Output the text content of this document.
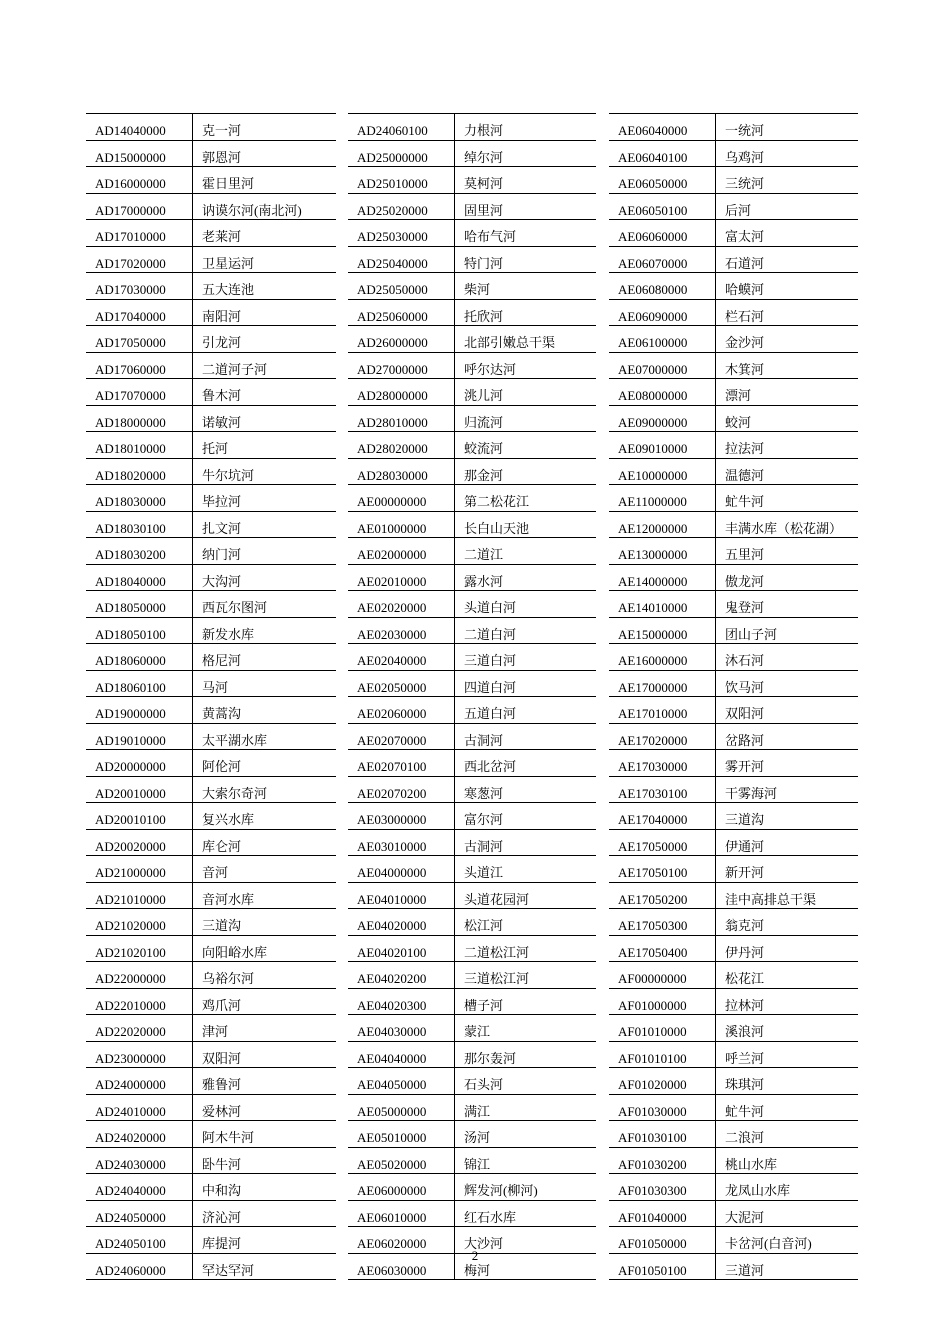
AD14040000	克一河
AD15000000	郭恩河
AD16000000	霍日里河
AD17000000	讷谟尔河(南北河)
AD17010000	老莱河
AD17020000	卫星运河
AD17030000	五大连池
AD17040000	南阳河
AD17050000	引龙河
AD17060000	二道河子河
AD17070000	鲁木河
AD18000000	诺敏河
AD18010000	托河
AD18020000	牛尔坑河
AD18030000	毕拉河
AD18030100	扎文河
AD18030200	纳门河
AD18040000	大沟河
AD18050000	西瓦尔图河
AD18050100	新发水库
AD18060000	格尼河
AD18060100	马河
AD19000000	黄蒿沟
AD19010000	太平湖水库
AD20000000	阿伦河
AD20010000	大索尔奇河
AD20010100	复兴水库
AD20020000	库仑河
AD21000000	音河
AD21010000	音河水库
AD21020000	三道沟
AD21020100	向阳峪水库
AD22000000	乌裕尔河
AD22010000	鸡爪河
AD22020000	津河
AD23000000	双阳河
AD24000000	雅鲁河
AD24010000	爱林河
AD24020000	阿木牛河
AD24030000	卧牛河
AD24040000	中和沟
AD24050000	济沁河
AD24050100	库提河
AD24060000	罕达罕河
AD24060100	力根河
AD25000000	绰尔河
AD25010000	莫柯河
AD25020000	固里河
AD25030000	哈布气河
AD25040000	特门河
AD25050000	柴河
AD25060000	托欣河
AD26000000	北部引嫩总干渠
AD27000000	呼尔达河
AD28000000	洮儿河
AD28010000	归流河
AD28020000	蛟流河
AD28030000	那金河
AE00000000	第二松花江
AE01000000	长白山天池
AE02000000	二道江
AE02010000	露水河
AE02020000	头道白河
AE02030000	二道白河
AE02040000	三道白河
AE02050000	四道白河
AE02060000	五道白河
AE02070000	古洞河
AE02070100	西北岔河
AE02070200	寒葱河
AE03000000	富尔河
AE03010000	古洞河
AE04000000	头道江
AE04010000	头道花园河
AE04020000	松江河
AE04020100	二道松江河
AE04020200	三道松江河
AE04020300	槽子河
AE04030000	蒙江
AE04040000	那尔轰河
AE04050000	石头河
AE05000000	满江
AE05010000	汤河
AE05020000	锦江
AE06000000	辉发河(柳河)
AE06010000	红石水库
AE06020000	大沙河
AE06030000	梅河
AE06040000	一统河
AE06040100	乌鸡河
AE06050000	三统河
AE06050100	后河
AE06060000	富太河
AE06070000	石道河
AE06080000	哈蟆河
AE06090000	栏石河
AE06100000	金沙河
AE07000000	木箕河
AE08000000	漂河
AE09000000	蛟河
AE09010000	拉法河
AE10000000	温德河
AE11000000	虻牛河
AE12000000	丰满水库（松花湖）
AE13000000	五里河
AE14000000	傲龙河
AE14010000	鬼登河
AE15000000	团山子河
AE16000000	沐石河
AE17000000	饮马河
AE17010000	双阳河
AE17020000	岔路河
AE17030000	雾开河
AE17030100	干雾海河
AE17040000	三道沟
AE17050000	伊通河
AE17050100	新开河
AE17050200	洼中高排总干渠
AE17050300	翁克河
AE17050400	伊丹河
AF00000000	松花江
AF01000000	拉林河
AF01010000	溪浪河
AF01010100	呼兰河
AF01020000	珠琪河
AF01030000	虻牛河
AF01030100	二浪河
AF01030200	桃山水库
AF01030300	龙凤山水库
AF01040000	大泥河
AF01050000	卡岔河(白音河)
AF01050100	三道河
2
